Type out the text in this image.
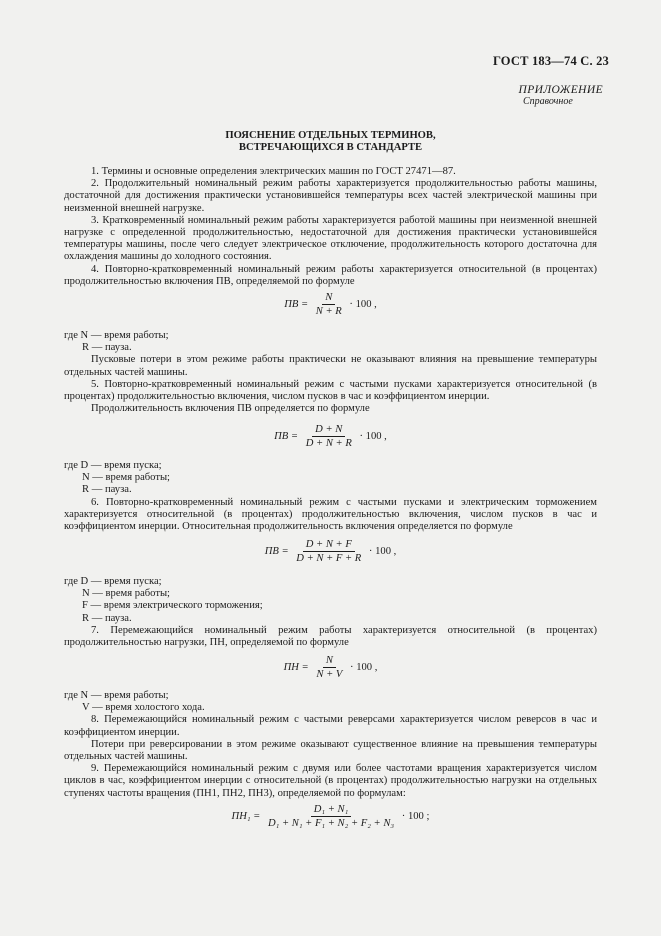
ГОСТ 183—74 С. 23
ПРИЛОЖЕНИЕ
Справочное
ПОЯСНЕНИЕ ОТДЕЛЬНЫХ ТЕРМИНОВ,
ВСТРЕЧАЮЩИХСЯ В СТАНДАРТЕ

1. Термины и основные определения электрических машин по ГОСТ 27471—87.

2. Продолжительный номинальный режим работы характеризуется продолжительностью работы машины, достаточной для достижения практически установившейся температуры всех частей электрической машины при неизменной внешней нагрузке.

3. Кратковременный номинальный режим работы характеризуется работой машины при неизменной внешней нагрузке с определенной продолжительностью, недостаточной для достижения практически установившейся температуры машины, после чего следует электрическое отключение, продолжительность которого достаточна для охлаждения машины до холодного состояния.

4. Повторно-кратковременный номинальный режим работы характеризуется относительной (в процентах) продолжительностью включения ПВ, определяемой по формуле

ПВ = $\frac{N}{N + R} \cdot 100$ ,
где N — время работы;
R — пауза.

Пусковые потери в этом режиме работы практически не оказывают влияния на превышение температуры отдельных частей машины.

5. Повторно-кратковременный номинальный режим с частыми пусками характеризуется относительной (в процентах) продолжительностью включения, числом пусков в час и коэффициентом инерции.

Продолжительность включения ПВ определяется по формуле

ПВ = $\frac{D + N}{D + N + R} \cdot 100$ ,
где D — время пуска;
N — время работы;
R — пауза.

6. Повторно-кратковременный номинальный режим с частыми пусками и электрическим торможением характеризуется относительной (в процентах) продолжительностью включения, числом пусков в час и коэффициентом инерции. Относительная продолжительность включения определяется по формуле

ПВ = $\frac{D + N + F}{D + N + F + R} \cdot 100$ ,
где D — время пуска;
N — время работы;
F — время электрического торможения;
R — пауза.

7. Перемежающийся номинальный режим работы характеризуется относительной (в процентах) продолжительностью нагрузки, ПН, определяемой по формуле

ПН = $\frac{N}{N + V} \cdot 100$ ,
где N — время работы;
V — время холостого хода.

8. Перемежающийся номинальный режим с частыми реверсами характеризуется числом реверсов в час и коэффициентом инерции.

Потери при реверсировании в этом режиме оказывают существенное влияние на превышения температуры отдельных частей машины.

9. Перемежающийся номинальный режим с двумя или более частотами вращения характеризуется числом циклов в час, коэффициентом инерции с относительной (в процентах) продолжительностью нагрузки на отдельных ступенях частоты вращения (ПН1, ПН2, ПН3), определяемой по формулам:

$ПН_1 = \frac{\text{D₁ + N₁}}{\text{D₁ + N₁ + F₁ + N₂ + F₂ + N₃}} \cdot 100$ ;
